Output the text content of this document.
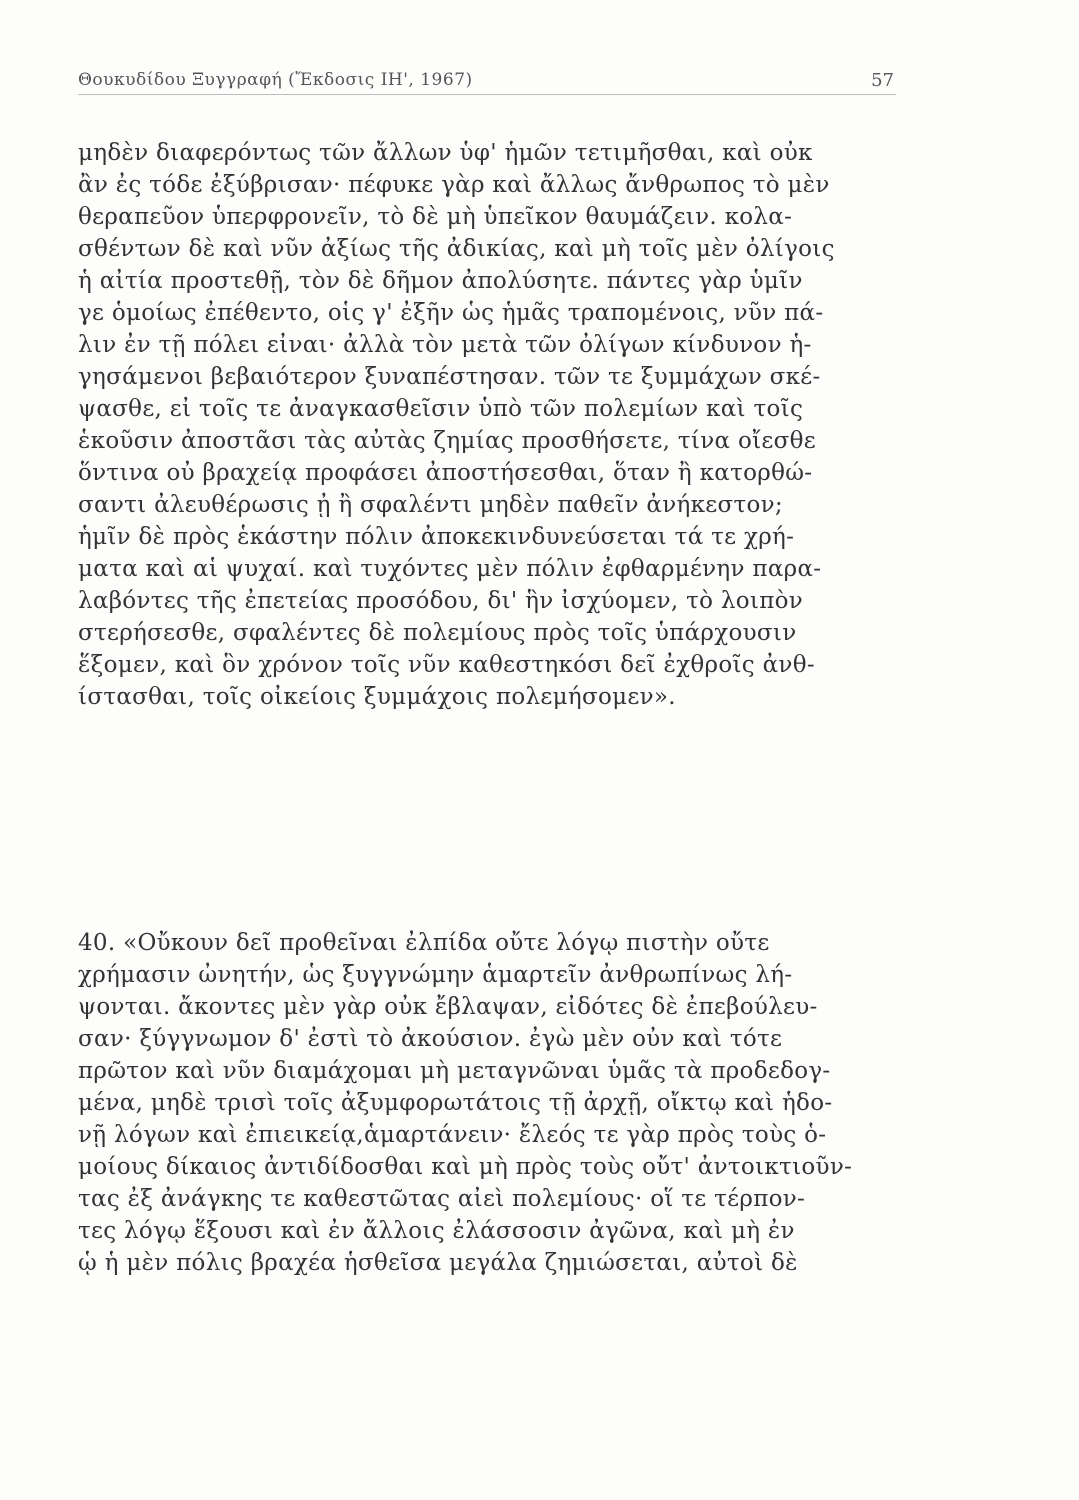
Θουκυδίδου Ξυγγραφή (Ἔκδοσις ΙΗ', 1967)	57
μηδὲν διαφερόντως τῶν ἄλλων ὑφ' ἡμῶν τετιμῆσθαι, καὶ οὐκ
ἂν ἐς τόδε ἐξύβρισαν· πέφυκε γὰρ καὶ ἄλλως ἄνθρωπος τὸ μὲν
θεραπεῦον ὑπερφρονεῖν, τὸ δὲ μὴ ὑπεῖκον θαυμάζειν. κολα-
σθέντων δὲ καὶ νῦν ἀξίως τῆς ἀδικίας, καὶ μὴ τοῖς μὲν ὀλίγοις
ἡ αἰτία προστεθῇ, τὸν δὲ δῆμον ἀπολύσητε. πάντες γὰρ ὑμῖν
γε ὁμοίως ἐπέθεντο, οἷς γ' ἐξῆν ὡς ἡμᾶς τραπομένοις, νῦν πά-
λιν ἐν τῇ πόλει εἶναι· ἀλλὰ τὸν μετὰ τῶν ὀλίγων κίνδυνον ἡ-
γησάμενοι βεβαιότερον ξυναπέστησαν. τῶν τε ξυμμάχων σκέ-
ψασθε, εἰ τοῖς τε ἀναγκασθεῖσιν ὑπὸ τῶν πολεμίων καὶ τοῖς
ἑκοῦσιν ἀποστᾶσι τὰς αὐτὰς ζημίας προσθήσετε, τίνα οἴεσθε
ὅντινα οὐ βραχείᾳ προφάσει ἀποστήσεσθαι, ὅταν ἢ κατορθώ-
σαντι ἀλευθέρωσις ᾖ ἢ σφαλέντι μηδὲν παθεῖν ἀνήκεστον;
ἡμῖν δὲ πρὸς ἑκάστην πόλιν ἀποκεκινδυνεύσεται τά τε χρή-
ματα καὶ αἱ ψυχαί. καὶ τυχόντες μὲν πόλιν ἐφθαρμένην παρα-
λαβόντες τῆς ἐπετείας προσόδου, δι' ἣν ἰσχύομεν, τὸ λοιπὸν
στερήσεσθε, σφαλέντες δὲ πολεμίους πρὸς τοῖς ὑπάρχουσιν
ἕξομεν, καὶ ὃν χρόνον τοῖς νῦν καθεστηκόσι δεῖ ἐχθροῖς ἀνθ-
ίστασθαι, τοῖς οἰκείοις ξυμμάχοις πολεμήσομεν».
40. «Οὔκουν δεῖ προθεῖναι ἐλπίδα οὔτε λόγῳ πιστὴν οὔτε
χρήμασιν ὠνητήν, ὡς ξυγγνώμην ἁμαρτεῖν ἀνθρωπίνως λή-
ψονται. ἄκοντες μὲν γὰρ οὐκ ἔβλαψαν, εἰδότες δὲ ἐπεβούλευ-
σαν· ξύγγνωμον δ' ἐστὶ τὸ ἀκούσιον. ἐγὼ μὲν οὖν καὶ τότε
πρῶτον καὶ νῦν διαμάχομαι μὴ μεταγνῶναι ὑμᾶς τὰ προδεδογ-
μένα, μηδὲ τρισὶ τοῖς ἀξυμφορωτάτοις τῇ ἀρχῇ, οἴκτῳ καὶ ἡδο-
νῇ λόγων καὶ ἐπιεικείᾳ,ἁμαρτάνειν· ἔλεός τε γὰρ πρὸς τοὺς ὁ-
μοίους δίκαιος ἀντιδίδοσθαι καὶ μὴ πρὸς τοὺς οὔτ' ἀντοικτιοῦν-
τας ἐξ ἀνάγκης τε καθεστῶτας αἰεὶ πολεμίους· οἵ τε τέρπον-
τες λόγῳ ἕξουσι καὶ ἐν ἄλλοις ἐλάσσοσιν ἀγῶνα, καὶ μὴ ἐν
ᾧ ἡ μὲν πόλις βραχέα ἡσθεῖσα μεγάλα ζημιώσεται, αὐτοὶ δὲ
